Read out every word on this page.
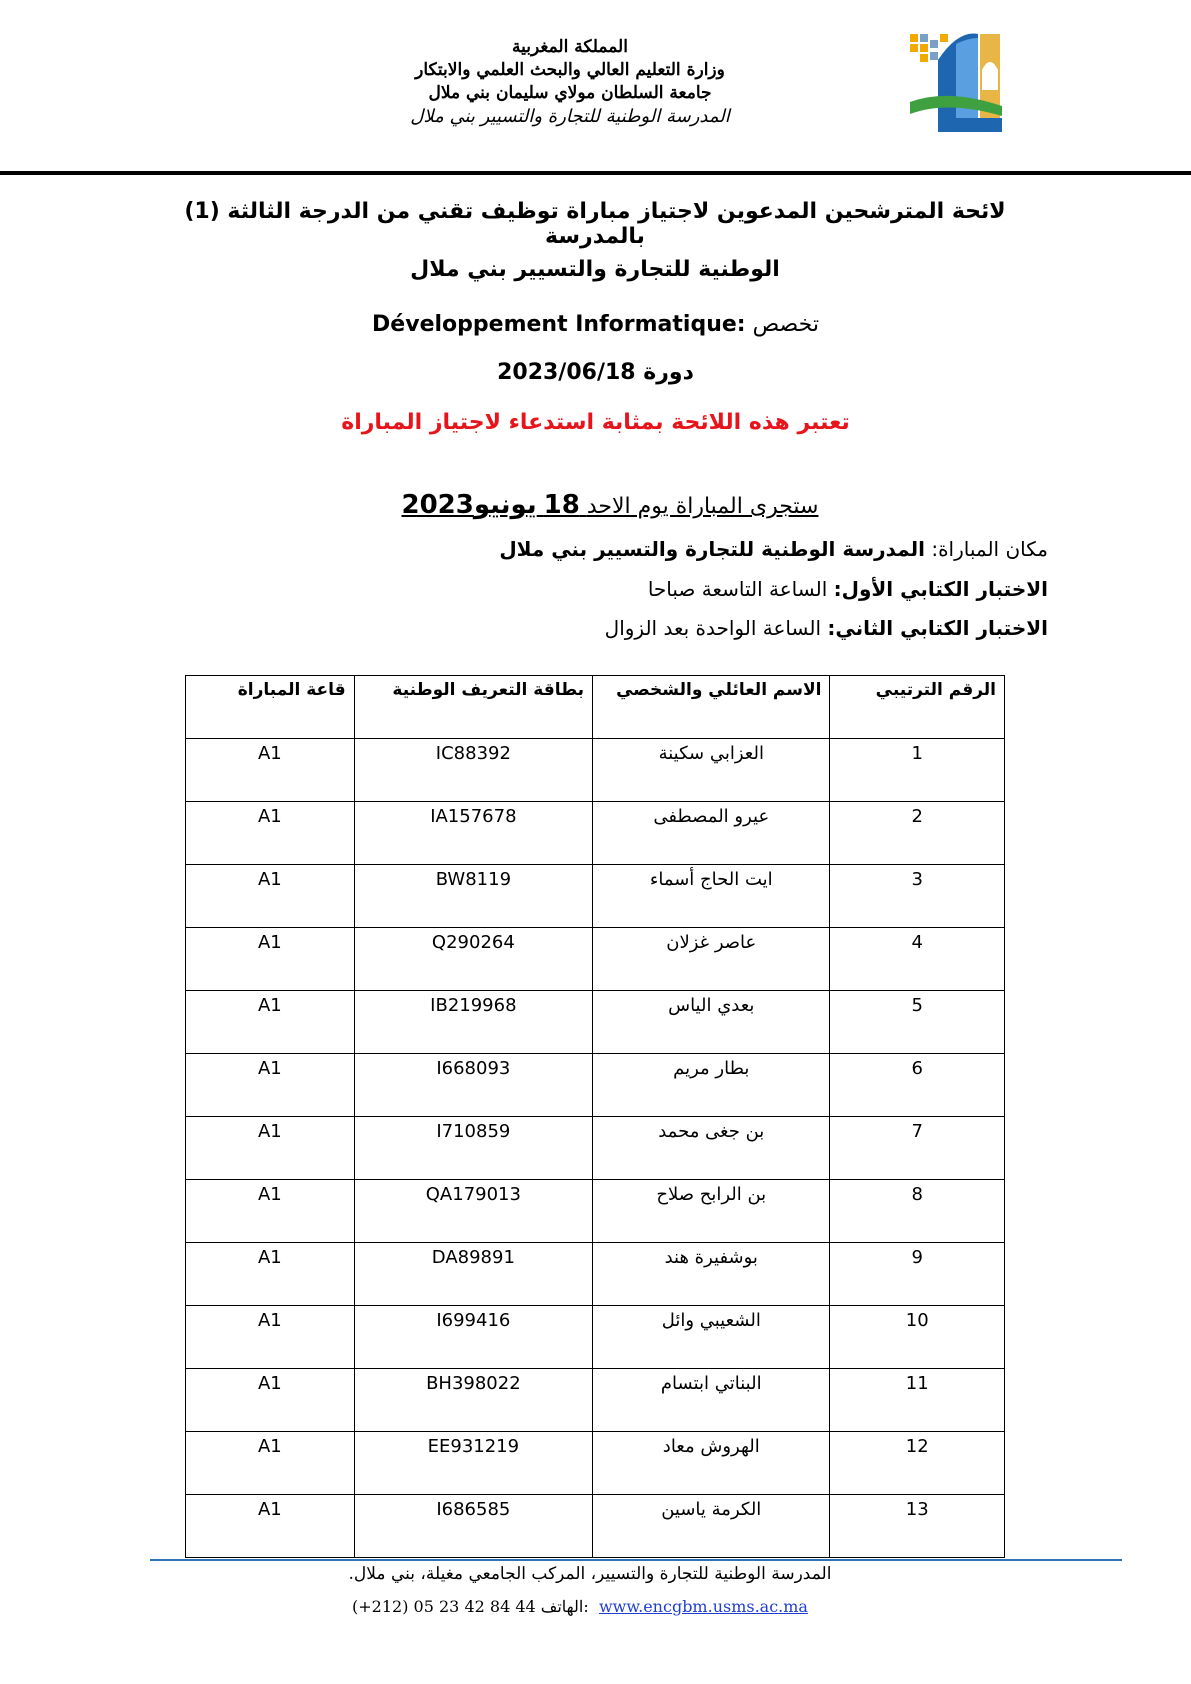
المملكة المغربية
وزارة التعليم العالي والبحث العلمي والابتكار
جامعة السلطان مولاي سليمان بني ملال
المدرسة الوطنية للتجارة والتسيير بني ملال
لائحة المترشحين المدعوين لاجتياز مباراة توظيف تقني من الدرجة الثالثة (1) بالمدرسة
الوطنية للتجارة والتسيير بني ملال
Développement Informatique: تخصص
دورة 2023/06/18
تعتبر هذه اللائحة بمثابة استدعاء لاجتياز المباراة
ستجرى المباراة يوم الاحد 18 يونيو2023
مكان المباراة: المدرسة الوطنية للتجارة والتسيير بني ملال
الاختبار الكتابي الأول: الساعة التاسعة صباحا
الاختبار الكتابي الثاني: الساعة الواحدة بعد الزوال
الرقم الترتيبي	الاسم العائلي والشخصي	بطاقة التعريف الوطنية	قاعة المباراة
1	العزابي سكينة	IC88392	A1
2	عيرو المصطفى	IA157678	A1
3	ايت الحاج أسماء	BW8119	A1
4	عاصر غزلان	Q290264	A1
5	بعدي الياس	IB219968	A1
6	بطار مريم	I668093	A1
7	بن جغى محمد	I710859	A1
8	بن الرابح صلاح	QA179013	A1
9	بوشفيرة هند	DA89891	A1
10	الشعيبي وائل	I699416	A1
11	البناتي ابتسام	BH398022	A1
12	الهروش معاد	EE931219	A1
13	الكرمة ياسين	I686585	A1
المدرسة الوطنية للتجارة والتسيير، المركب الجامعي مغيلة، بني ملال.
(+212) 05 23 42 84 44 الهاتف: www.encgbm.usms.ac.ma
